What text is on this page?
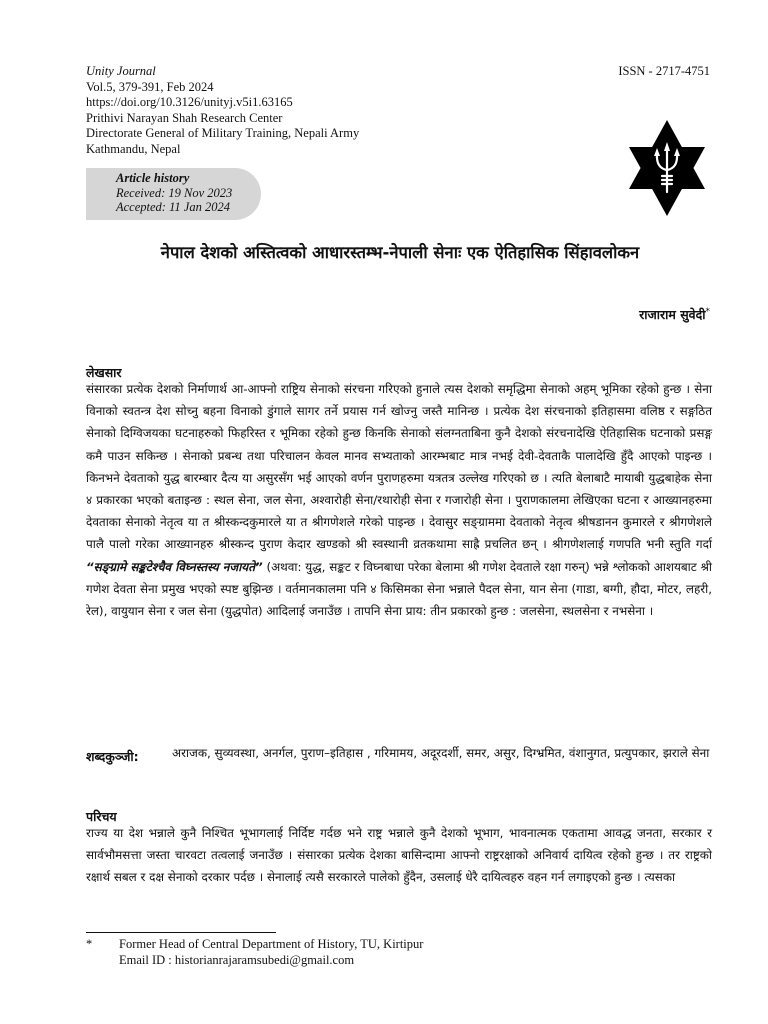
Unity Journal
Vol.5, 379-391, Feb 2024
https://doi.org/10.3126/unityj.v5i1.63165
Prithivi Narayan Shah Research Center
Directorate General of Military Training, Nepali Army
Kathmandu, Nepal
ISSN - 2717-4751
Article history
Received: 19 Nov 2023
Accepted: 11 Jan 2024
नेपाल देशको अस्तित्वको आधारस्तम्भ-नेपाली सेनाः एक ऐतिहासिक सिंहावलोकन
राजाराम सुवेदी*
लेखसार

संसारका प्रत्येक देशको निर्माणार्थ आ-आफ्नो राष्ट्रिय सेनाको संरचना गरिएको हुनाले त्यस देशको समृद्धिमा सेनाको अहम् भूमिका रहेको हुन्छ । सेना विनाको स्वतन्त्र देश सोच्नु बहना विनाको डुंगाले सागर तर्ने प्रयास गर्न खोज्नु जस्तै मानिन्छ । प्रत्येक देश संरचनाको इतिहासमा वलिष्ठ र सङ्गठित सेनाको दिग्विजयका घटनाहरुको फिहरिस्त र भूमिका रहेको हुन्छ किनकि सेनाको संलग्नताबिना कुनै देशको संरचनादेखि ऐतिहासिक घटनाको प्रसङ्ग कमै पाउन सकिन्छ । सेनाको प्रबन्ध तथा परिचालन केवल मानव सभ्यताको आरम्भबाट मात्र नभई देवी-देवताकै पालादेखि हुँदै आएको पाइन्छ । किनभने देवताको युद्ध बारम्बार दैत्य या असुरसँग भई आएको वर्णन पुराणहरुमा यत्रतत्र उल्लेख गरिएको छ । त्यति बेलाबाटै मायाबी युद्धबाहेक सेना ४ प्रकारका भएको बताइन्छ : स्थल सेना, जल सेना, अश्वारोही सेना/रथारोही सेना र गजारोही सेना । पुराणकालमा लेखिएका घटना र आख्यानहरुमा देवताका सेनाको नेतृत्व या त श्रीस्कन्दकुमारले या त श्रीगणेशले गरेको पाइन्छ । देवासुर सङ्ग्राममा देवताको नेतृत्व श्रीषडानन कुमारले र श्रीगणेशले पालै पालो गरेका आख्यानहरु श्रीस्कन्द पुराण केदार खण्डको श्री स्वस्थानी व्रतकथामा साह्रै प्रचलित छन् । श्रीगणेशलाई गणपति भनी स्तुति गर्दा “सङ्ग्रामे सङ्कटेश्चैव विघ्नस्तस्य नजायते” (अथवा: युद्ध, सङ्कट र विघ्नबाधा परेका बेलामा श्री गणेश देवताले रक्षा गरुन्) भन्ने श्लोकको आशयबाट श्री गणेश देवता सेना प्रमुख भएको स्पष्ट बुझिन्छ । वर्तमानकालमा पनि ४ किसिमका सेना भन्नाले पैदल सेना, यान सेना (गाडा, बग्गी, हौदा, मोटर, लहरी, रेल), वायुयान सेना र जल सेना (युद्धपोत) आदिलाई जनाउँछ । तापनि सेना प्राय: तीन प्रकारको हुन्छ : जलसेना, स्थलसेना र नभसेना ।

शब्दकुञ्जी:	अराजक, सुव्यवस्था, अनर्गल, पुराण–इतिहास , गरिमामय, अदूरदर्शी, समर, असुर, दिग्भ्रमित, वंशानुगत, प्रत्युपकार, झराले सेना

परिचय

राज्य या देश भन्नाले कुनै निश्चित भूभागलाई निर्दिष्ट गर्दछ भने राष्ट्र भन्नाले कुनै देशको भूभाग, भावनात्मक एकतामा आवद्ध जनता, सरकार र सार्वभौमसत्ता जस्ता चारवटा तत्वलाई जनाउँछ । संसारका प्रत्येक देशका बासिन्दामा आफ्नो राष्ट्ररक्षाको अनिवार्य दायित्व रहेको हुन्छ । तर राष्ट्रको रक्षार्थ सबल र दक्ष सेनाको दरकार पर्दछ । सेनालाई त्यसै सरकारले पालेको हुँदैन, उसलाई धेरै दायित्वहरु वहन गर्न लगाइएको हुन्छ । त्यसका

* Former Head of Central Department of History, TU, Kirtipur
Email ID : historianrajaramsubedi@gmail.com
